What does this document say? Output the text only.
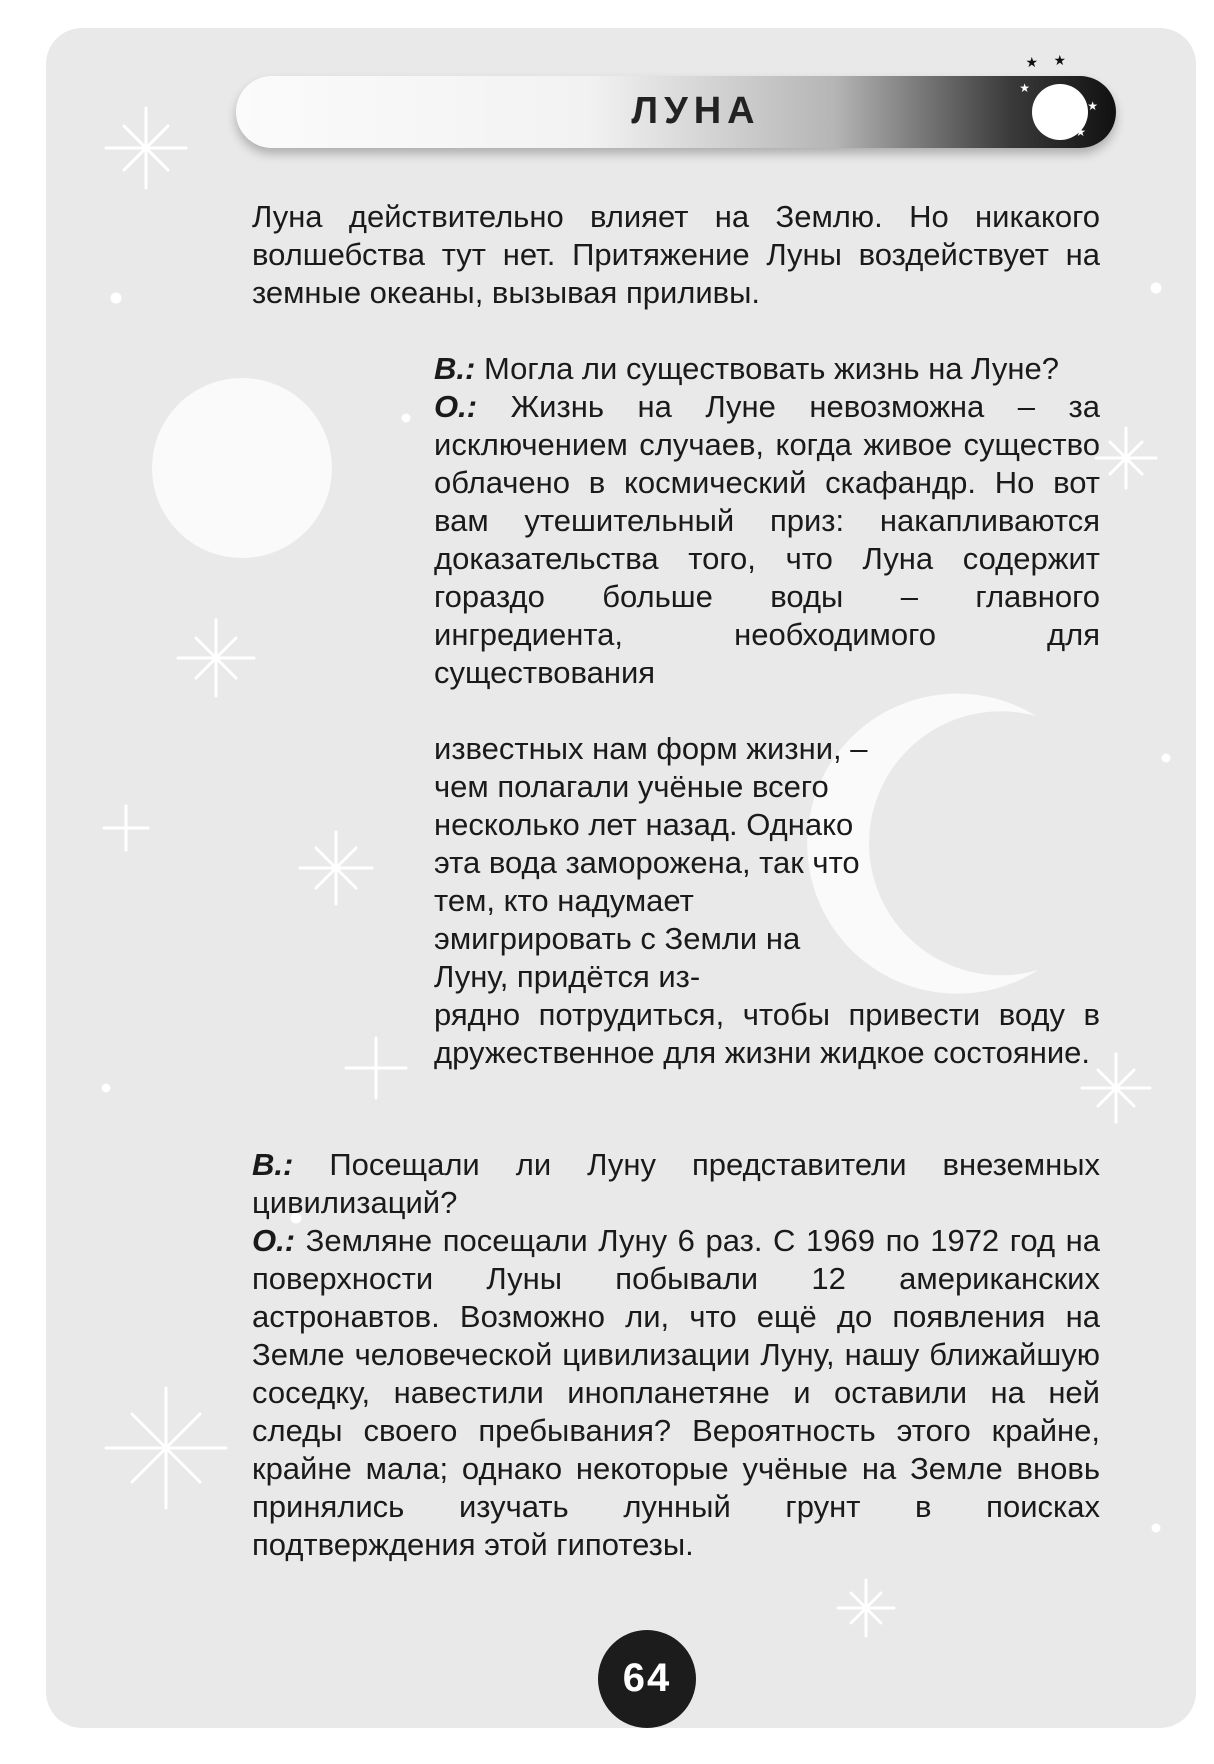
ЛУНА
★ ★
★
★
★

Луна действительно влияет на Землю. Но никакого волшебства тут нет. Притяжение Луны воздействует на земные океаны, вызывая приливы.

В.: Могла ли существовать жизнь на Луне?

О.: Жизнь на Луне невозможна – за исключением случаев, когда живое существо облачено в космический скафандр. Но вот вам утешительный приз: накапливаются доказательства того, что Луна содержит гораздо больше воды – главного ингредиента, необходимого для существования

известных нам форм жизни, – чем полагали учёные всего несколько лет назад. Однако эта вода заморожена, так что тем, кто надумает эмигрировать с Земли на Луну, придётся из-

рядно потрудиться, чтобы привести воду в дружественное для жизни жидкое состояние.

В.: Посещали ли Луну представители внеземных цивилизаций?

О.: Земляне посещали Луну 6 раз. С 1969 по 1972 год на поверхности Луны побывали 12 американских астронавтов. Возможно ли, что ещё до появления на Земле человеческой цивилизации Луну, нашу ближайшую соседку, навестили инопланетяне и оставили на ней следы своего пребывания? Вероятность этого крайне, крайне мала; однако некоторые учёные на Земле вновь принялись изучать лунный грунт в поисках подтверждения этой гипотезы.

64
